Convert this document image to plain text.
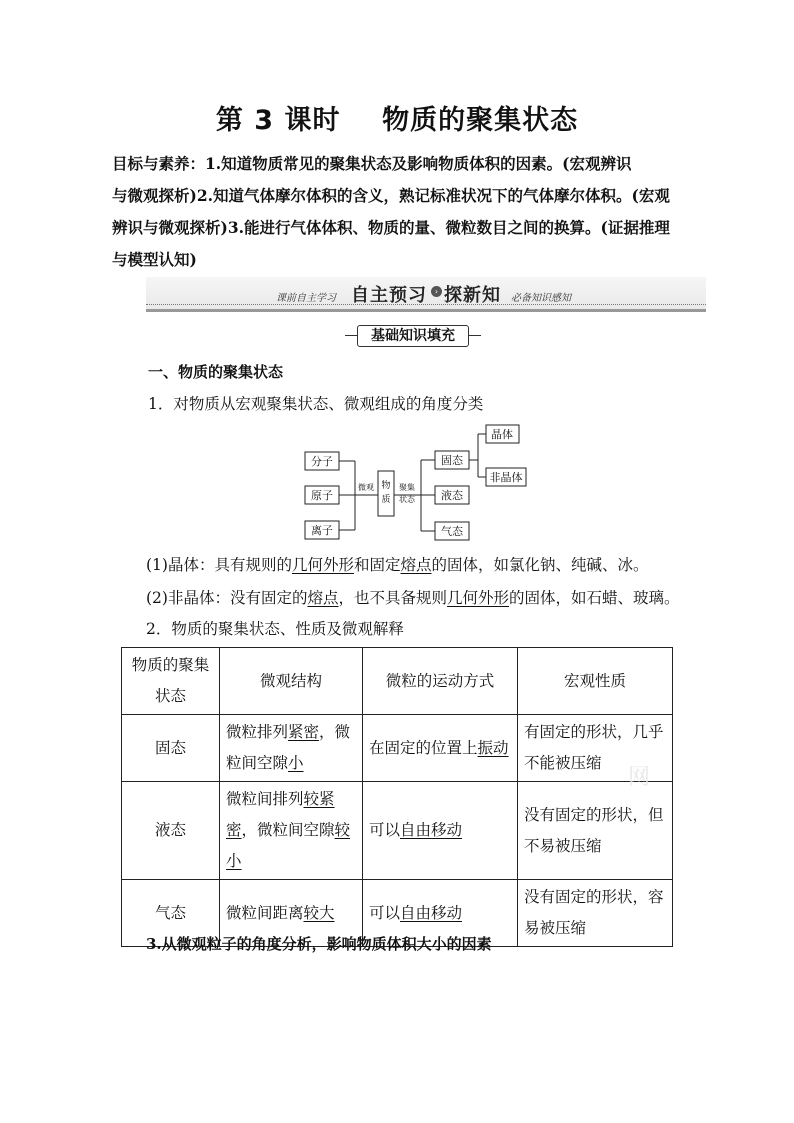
第 3 课时    物质的聚集状态
目标与素养：1.知道物质常见的聚集状态及影响物质体积的因素。(宏观辨识
与微观探析)2.知道气体摩尔体积的含义，熟记标准状况下的气体摩尔体积。(宏观
辨识与微观探析)3.能进行气体体积、物质的量、微粒数目之间的换算。(证据推理
与模型认知)
课前自主学习 自主预习 › 探新知 必备知识感知
基础知识填充
一、物质的聚集状态
1．对物质从宏观聚集状态、微观组成的角度分类
分子
原子
离子
微观 物
质
聚集
状态
固态
液态
气态
晶体
非晶体
(1)晶体：具有规则的几何外形和固定熔点的固体，如氯化钠、纯碱、冰。
(2)非晶体：没有固定的熔点，也不具备规则几何外形的固体，如石蜡、玻璃。
2．物质的聚集状态、性质及微观解释
物质的聚集状态	微观结构	微粒的运动方式	宏观性质
固态	微粒排列紧密，微粒间空隙小	在固定的位置上振动	有固定的形状，几乎不能被压缩
液态	微粒间排列较紧密，微粒间空隙较小	可以自由移动	没有固定的形状，但不易被压缩
气态	微粒间距离较大	可以自由移动	没有固定的形状，容易被压缩
网
3.从微观粒子的角度分析，影响物质体积大小的因素
